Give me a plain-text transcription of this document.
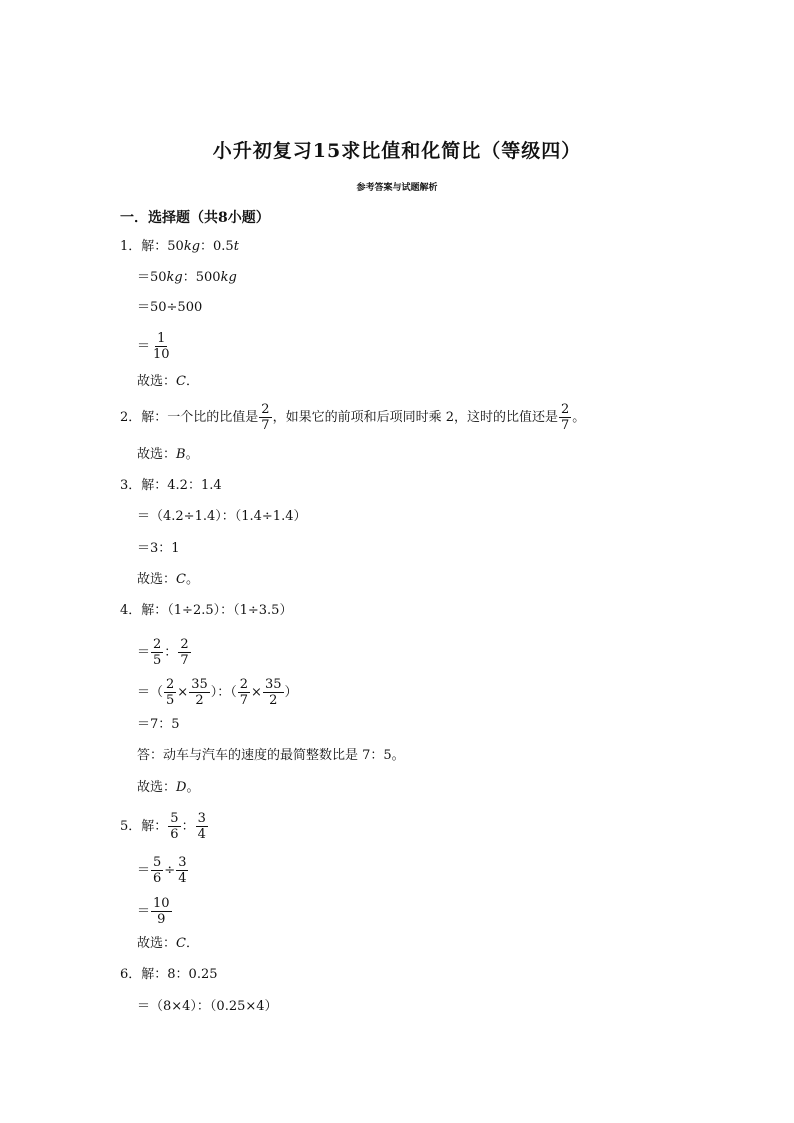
小升初复习15求比值和化简比（等级四）
参考答案与试题解析
一．选择题（共8小题）
1．解：50kg：0.5t
＝50kg：500kg
＝50÷500
＝ $\frac{1}{10}$
故选：C．
2．解：一个比的比值是 $\frac{2}{7}$ ，如果它的前项和后项同时乘 2，这时的比值还是 $\frac{2}{7}$ 。
故选：B。
3．解：4.2：1.4
＝（4.2÷1.4）：（1.4÷1.4）
＝3：1
故选：C。
4．解：（1÷2.5）：（1÷3.5）
＝ $\frac{2}{5}$ ： $\frac{2}{7}$
＝（ $\frac{2}{5} \times \frac{35}{2}$ ）：（ $\frac{2}{7} \times \frac{35}{2}$ ）
＝7：5
答：动车与汽车的速度的最简整数比是 7：5。
故选：D。
5．解： $\frac{5}{6}$ ： $\frac{3}{4}$
＝ $\frac{5}{6} \div \frac{3}{4}$
＝ $\frac{10}{9}$
故选：C．
6．解：8：0.25
＝（8×4）：（0.25×4）
